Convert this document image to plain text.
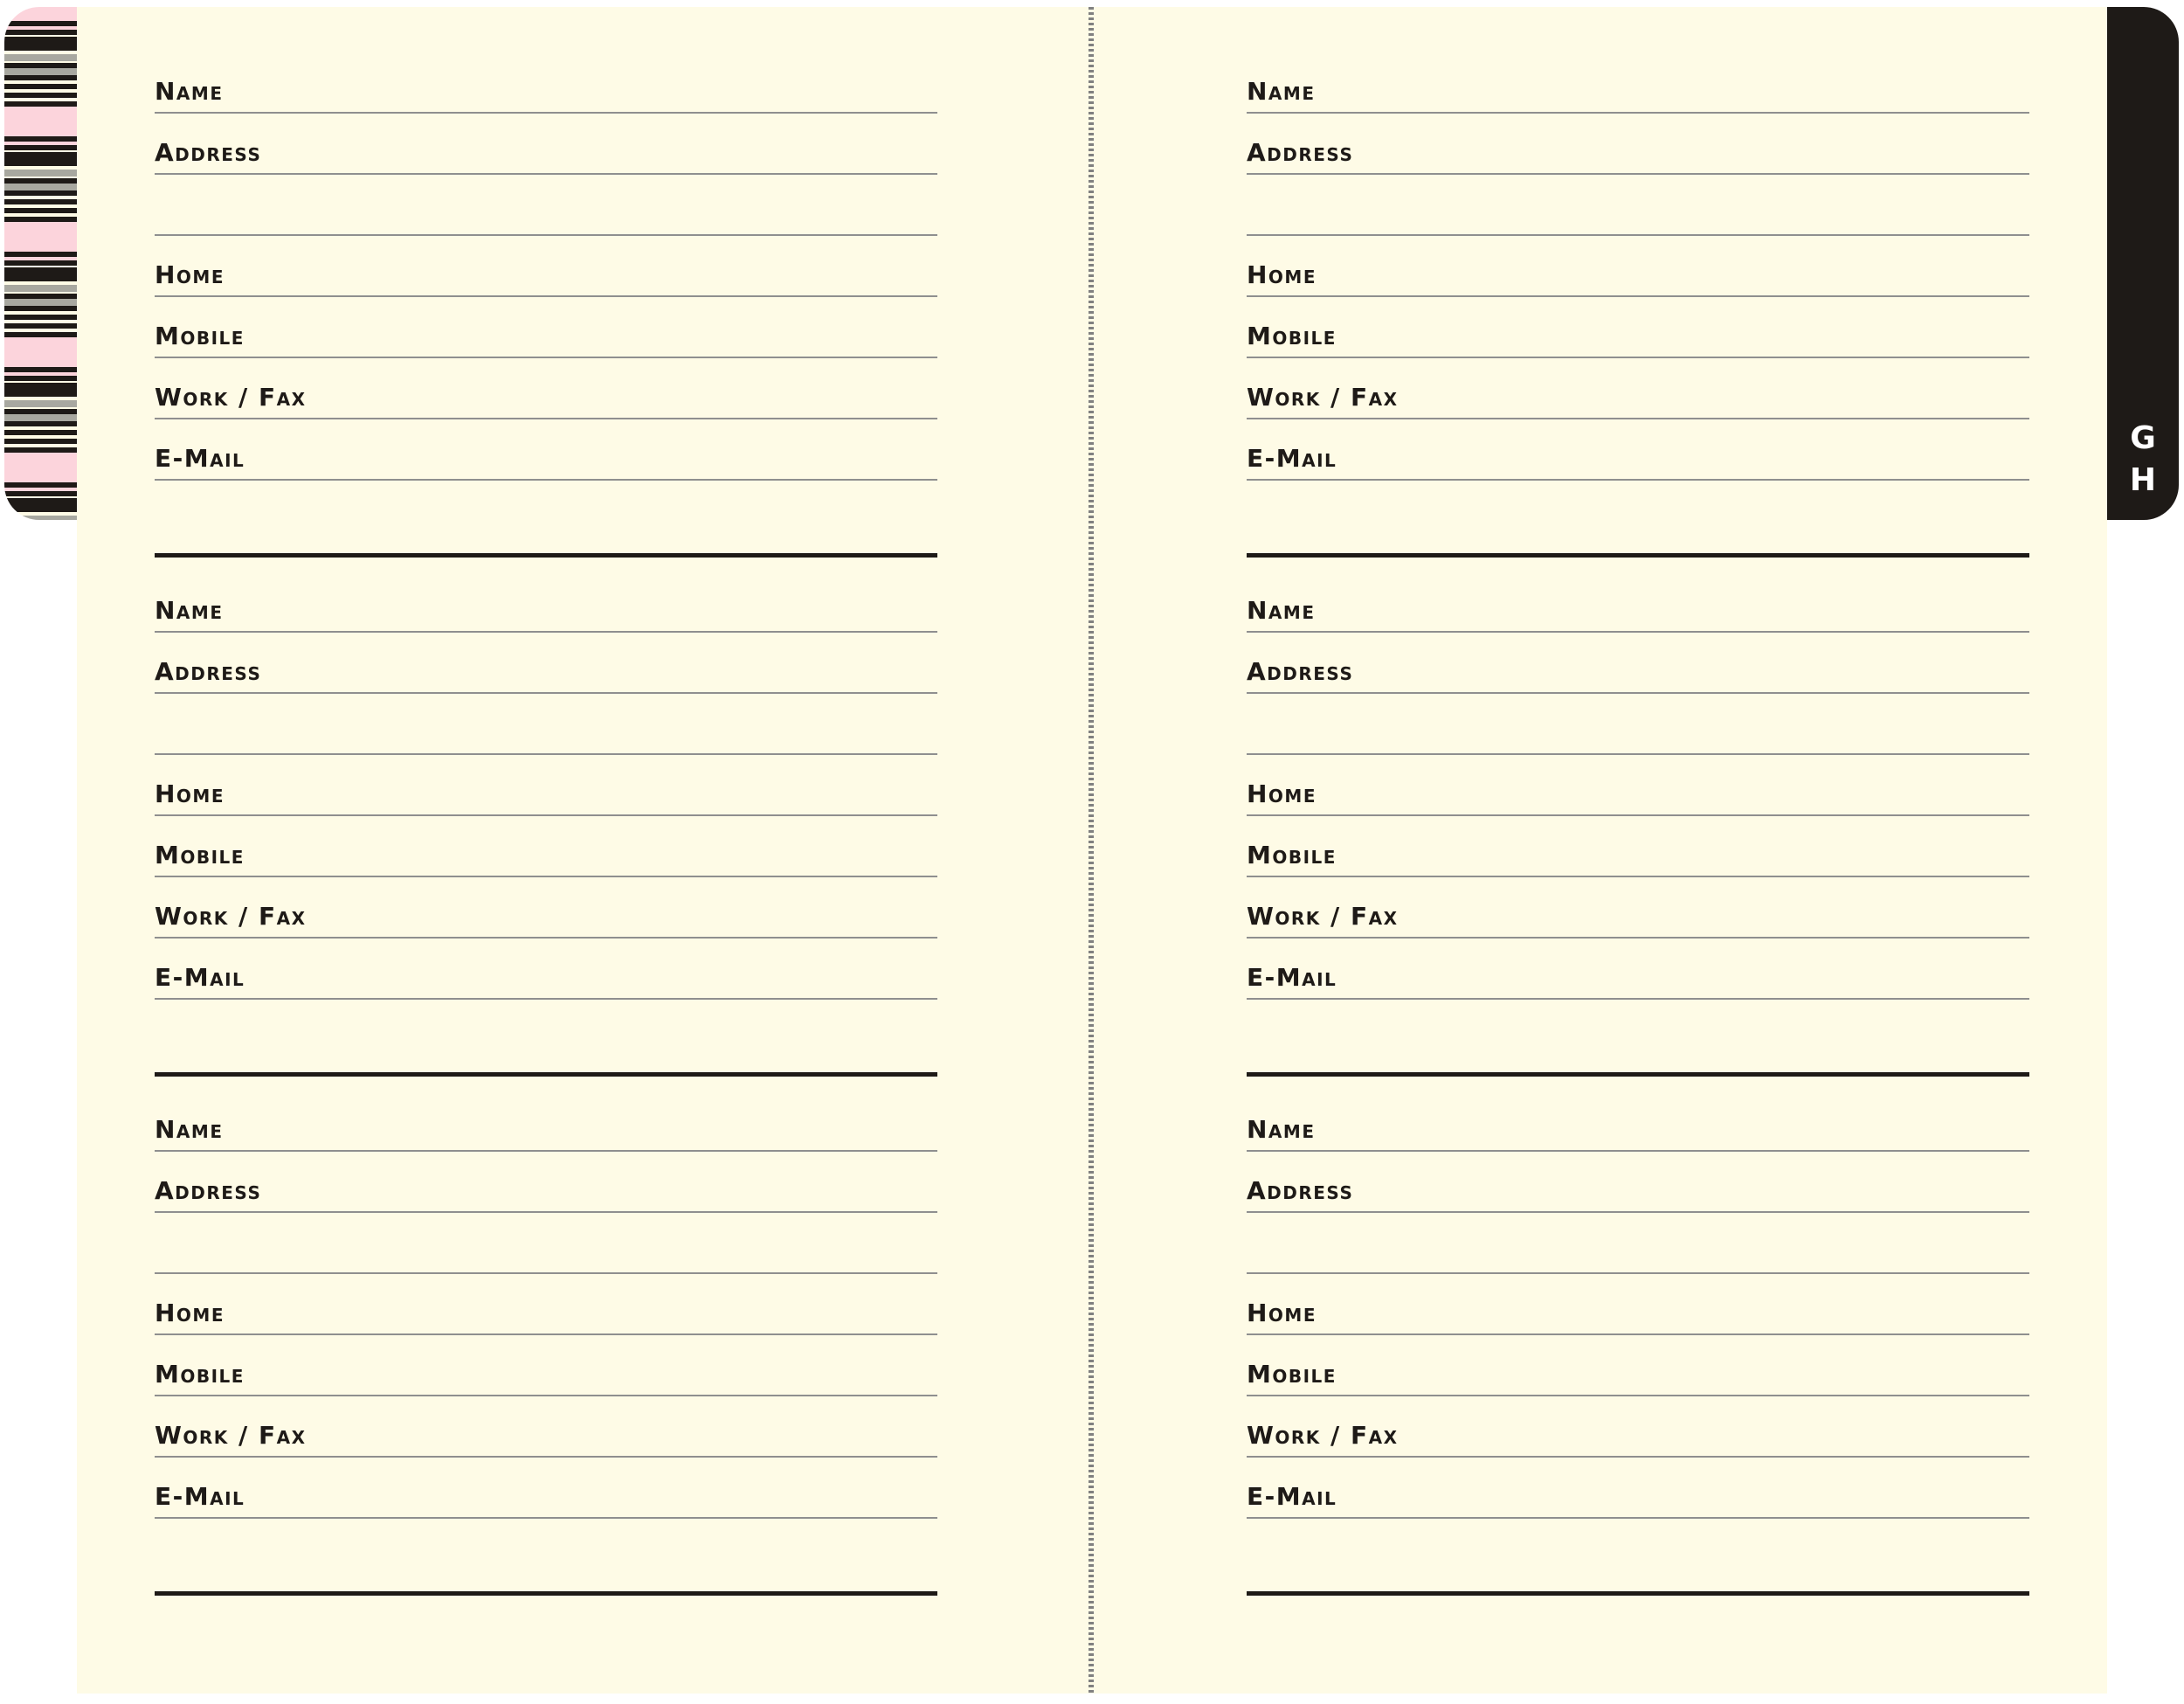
G
H
Name
Address
Home
Mobile
Work / Fax
E-Mail
Name
Address
Home
Mobile
Work / Fax
E-Mail
Name
Address
Home
Mobile
Work / Fax
E-Mail
Name
Address
Home
Mobile
Work / Fax
E-Mail
Name
Address
Home
Mobile
Work / Fax
E-Mail
Name
Address
Home
Mobile
Work / Fax
E-Mail
